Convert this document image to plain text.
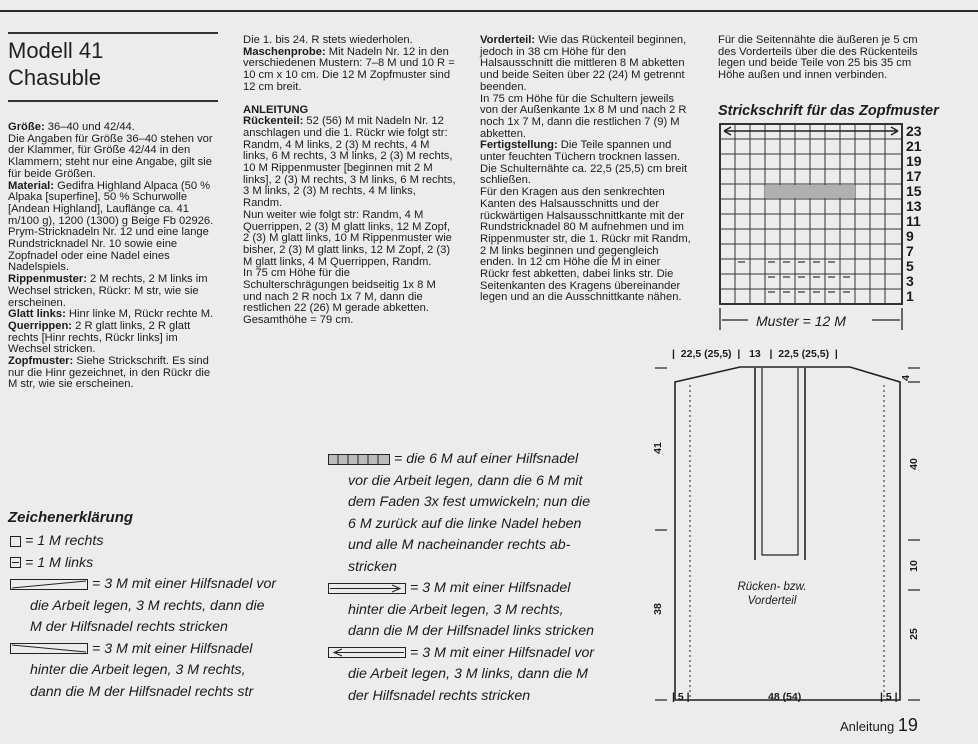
Modell 41
Chasuble

Größe: 36–40 und 42/44.

Die Angaben für Größe 36–40 stehen vor der Klammer, für Größe 42/44 in den Klammern; steht nur eine Angabe, gilt sie für beide Größen.

Material: Gedifra Highland Alpaca (50 % Alpaka [superfine], 50 % Schurwolle [Andean Highland], Lauflänge ca. 41 m/100 g), 1200 (1300) g Beige Fb 02926.

Prym-Stricknadeln Nr. 12 und eine lange Rundstricknadel Nr. 10 sowie eine Zopfnadel oder eine Nadel eines Nadelspiels.

Rippenmuster: 2 M rechts, 2 M links im Wechsel stricken, Rückr: M str, wie sie erscheinen.

Glatt links: Hinr linke M, Rückr rechte M.

Querrippen: 2 R glatt links, 2 R glatt rechts [Hinr rechts, Rückr links] im Wechsel stricken.

Zopfmuster: Siehe Strickschrift. Es sind nur die Hinr gezeichnet, in den Rückr die M str, wie sie erscheinen.

Die 1. bis 24. R stets wiederholen.

Maschenprobe: Mit Nadeln Nr. 12 in den verschiedenen Mustern: 7–8 M und 10 R = 10 cm x 10 cm. Die 12 M Zopfmuster sind 12 cm breit.

ANLEITUNG

Rückenteil: 52 (56) M mit Nadeln Nr. 12 anschlagen und die 1. Rückr wie folgt str: Randm, 4 M links, 2 (3) M rechts, 4 M links, 6 M rechts, 3 M links, 2 (3) M rechts, 10 M Rippenmuster [beginnen mit 2 M links], 2 (3) M rechts, 3 M links, 6 M rechts, 3 M links, 2 (3) M rechts, 4 M links, Randm.

Nun weiter wie folgt str: Randm, 4 M Querrippen, 2 (3) M glatt links, 12 M Zopf, 2 (3) M glatt links, 10 M Rippenmuster wie bisher, 2 (3) M glatt links, 12 M Zopf, 2 (3) M glatt links, 4 M Querrippen, Randm.

In 75 cm Höhe für die Schulterschrägungen beidseitig 1x 8 M und nach 2 R noch 1x 7 M, dann die restlichen 22 (26) M gerade abketten.

Gesamthöhe = 79 cm.

Vorderteil: Wie das Rückenteil beginnen, jedoch in 38 cm Höhe für den Halsausschnitt die mittleren 8 M abketten und beide Seiten über 22 (24) M getrennt beenden.

In 75 cm Höhe für die Schultern jeweils von der Außenkante 1x 8 M und nach 2 R noch 1x 7 M, dann die restlichen 7 (9) M abketten.

Fertigstellung: Die Teile spannen und unter feuchten Tüchern trocknen lassen.

Die Schulternähte ca. 22,5 (25,5) cm breit schließen.

Für den Kragen aus den senkrechten Kanten des Halsausschnitts und der rückwärtigen Halsausschnittkante mit der Rundstricknadel 80 M aufnehmen und im Rippenmuster str, die 1. Rückr mit Randm, 2 M links beginnen und gegengleich enden. In 12 cm Höhe die M in einer Rückr fest abketten, dabei links str. Die Seitenkanten des Kragens übereinander legen und an die Ausschnittkante nähen.

Für die Seitennähte die äußeren je 5 cm des Vorderteils über die des Rückenteils legen und beide Teile von 25 bis 35 cm Höhe außen und innen verbinden.

Strickschrift für das Zopfmuster
23
21
19
17
15
13
11
9
7
5
3
1
Muster = 12 M
|  22,5 (25,5)  |   13   |  22,5 (25,5)  |
4
41
40
10
38
25
Rücken- bzw. Vorderteil
| 5 |	48 (54)	| 5 |
Zeichenerklärung
= 1 M rechts
= 1 M links
= 3 M mit einer Hilfsnadel vor
die Arbeit legen, 3 M rechts, dann die
M der Hilfsnadel rechts stricken
= 3 M mit einer Hilfsnadel
hinter die Arbeit legen, 3 M rechts,
dann die M der Hilfsnadel rechts str
= die 6 M auf einer Hilfsnadel
vor die Arbeit legen, dann die 6 M mit
dem Faden 3x fest umwickeln; nun die
6 M zurück auf die linke Nadel heben
und alle M nacheinander rechts ab-
stricken
= 3 M mit einer Hilfsnadel
hinter die Arbeit legen, 3 M rechts,
dann die M der Hilfsnadel links stricken
= 3 M mit einer Hilfsnadel vor
die Arbeit legen, 3 M links, dann die M
der Hilfsnadel rechts stricken
Anleitung 19
